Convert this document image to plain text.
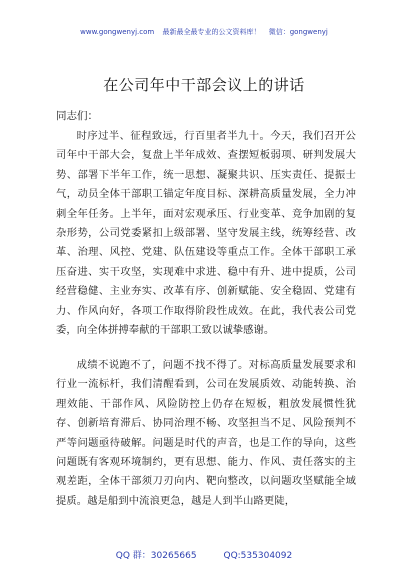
www.gongwenyj.com 最新最全最专业的公文资料库！ 微信：gongwenyj
在公司年中干部会议上的讲话
同志们：

时序过半、征程致远，行百里者半九十。今天，我们召开公司年中干部大会，复盘上半年成效、查摆短板弱项、研判发展大势、部署下半年工作，统一思想、凝聚共识、压实责任、提振士气，动员全体干部职工锚定年度目标、深耕高质量发展，全力冲刺全年任务。上半年，面对宏观承压、行业变革、竞争加剧的复杂形势，公司党委紧扣上级部署、坚守发展主线，统筹经营、改革、治理、风控、党建、队伍建设等重点工作。全体干部职工承压奋进、实干攻坚，实现难中求进、稳中有升、进中提质，公司经营稳健、主业夯实、改革有序、创新赋能、安全稳固、党建有力、作风向好，各项工作取得阶段性成效。在此，我代表公司党委，向全体拼搏奉献的干部职工致以诚挚感谢。

成绩不说跑不了，问题不找不得了。对标高质量发展要求和行业一流标杆，我们清醒看到，公司在发展质效、动能转换、治理效能、干部作风、风险防控上仍存在短板，粗放发展惯性犹存、创新培育滞后、协同治理不畅、攻坚担当不足、风险预判不严等问题亟待破解。问题是时代的声音，也是工作的导向，这些问题既有客观环境制约，更有思想、能力、作风、责任落实的主观差距，全体干部须刀刃向内、靶向整改，以问题攻坚赋能全域提质。越是船到中流浪更急，越是人到半山路更陡，

QQ 群：30265665	QQ:535304092
